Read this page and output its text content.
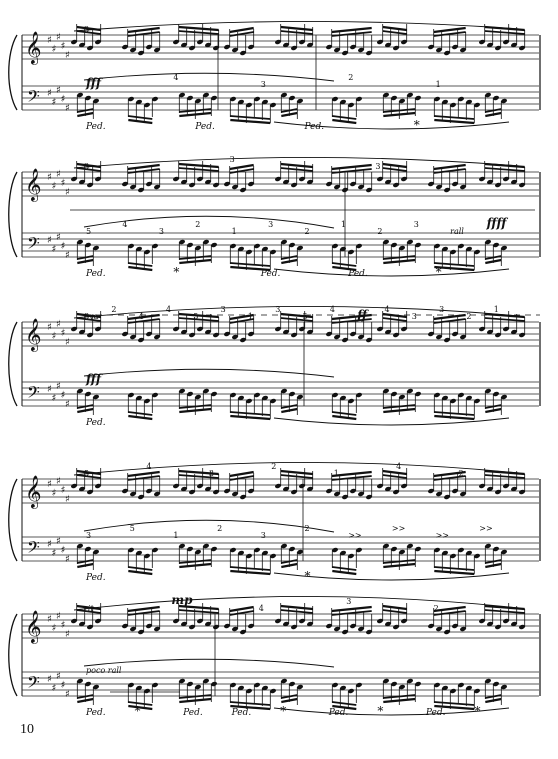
𝄞
𝄢
♯
♯
♯
♯
♯
♯
♯
♯
♯
♯
𝄞
𝄢
♯
♯
♯
♯
♯
♯
♯
♯
♯
♯
𝄞
𝄢
♯
♯
♯
♯
♯
♯
♯
♯
♯
♯
𝄞
𝄢
♯
♯
♯
♯
♯
♯
♯
♯
♯
♯
𝄞
𝄢
♯
♯
♯
♯
♯
♯
♯
♯
♯
♯
3
fff	4
3
2
1
Ped.	Ped.	Ped.	*
3
3
3
5
4
3
2
1
3
2
1
2
3
rall
ffff
Ped.	*	Ped.	Ped.	*
8va
2
4
4
5
3
1
3
5
4 ff 4
3
3
2
1
fff
Ped.
5
4
3
2
1
4
2
3
5
1
2
3
2
>>
>>
>>
>>
Ped.	*
rit
mp
4
3
2
poco rall
Ped. *	Ped.	Ped. *	Ped. *	Ped. *
10
